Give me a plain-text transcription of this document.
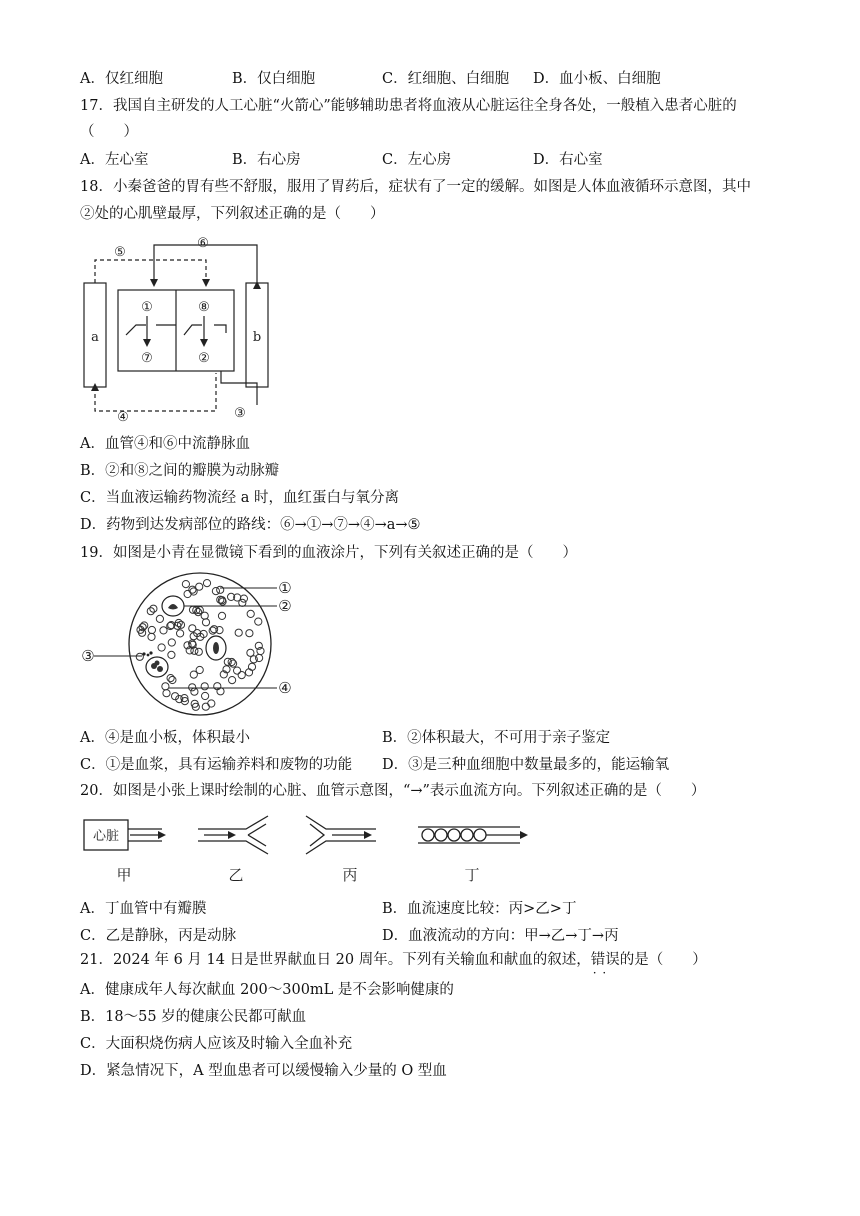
A．仅红细胞	B．仅白细胞	C．红细胞、白细胞 D．血小板、白细胞
17．我国自主研发的人工心脏“火箭心”能够辅助患者将血液从心脏运往全身各处，一般植入患者心脏的
（　　）
A．左心室	B．右心房	C．左心房	D．右心室
18．小秦爸爸的胃有些不舒服，服用了胃药后，症状有了一定的缓解。如图是人体血液循环示意图，其中
②处的心肌壁最厚，下列叙述正确的是（　　）
⑤
⑥
①	⑧
⑦	②
a	b
④	③
A．血管④和⑥中流静脉血
B．②和⑧之间的瓣膜为动脉瓣
C．当血液运输药物流经 a 时，血红蛋白与氧分离
D．药物到达发病部位的路线：⑥→①→⑦→④→a→⑤
19．如图是小青在显微镜下看到的血液涂片，下列有关叙述正确的是（　　）
①
②
③
④
A．④是血小板，体积最小	B．②体积最大，不可用于亲子鉴定
C．①是血浆，具有运输养料和废物的功能 D．③是三种血细胞中数量最多的，能运输氧
20．如图是小张上课时绘制的心脏、血管示意图，“→”表示血流方向。下列叙述正确的是（　　）
心脏
甲	乙	丙	丁
A．丁血管中有瓣膜	B．血流速度比较：丙>乙>丁
C．乙是静脉，丙是动脉	D．血液流动的方向：甲→乙→丁→丙
21．2024 年 6 月 14 日是世界献血日 20 周年。下列有关输血和献血的叙述，错误 · ·的是（　　）
A．健康成年人每次献血 200～300mL 是不会影响健康的
B．18～55 岁的健康公民都可献血
C．大面积烧伤病人应该及时输入全血补充
D．紧急情况下，A 型血患者可以缓慢输入少量的 O 型血
